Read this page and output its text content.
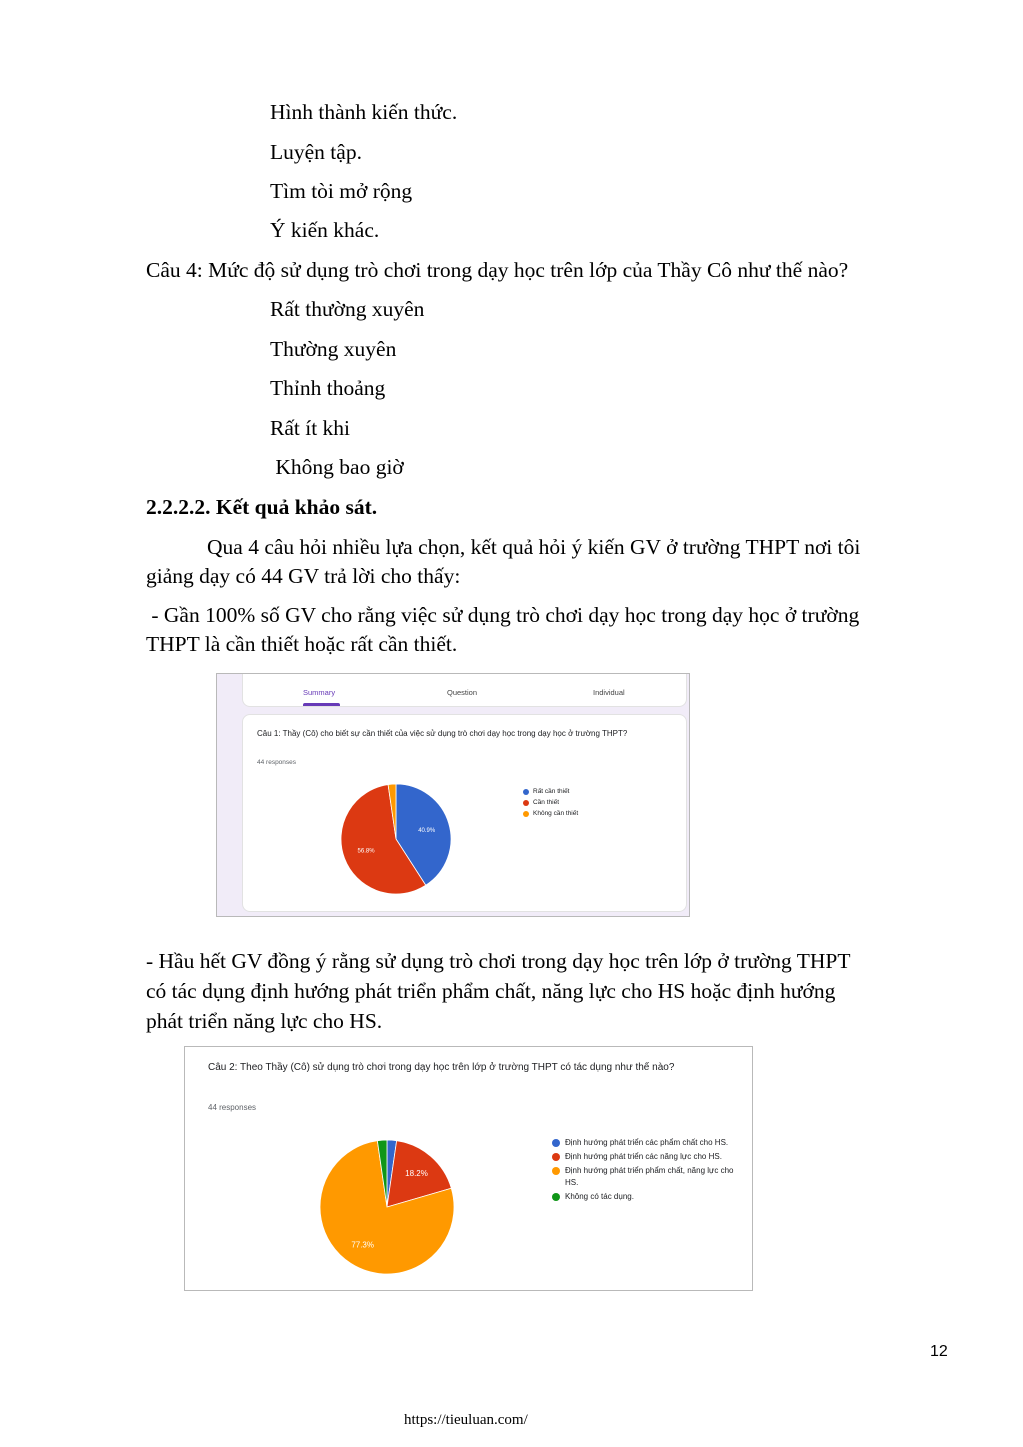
Hình thành kiến thức.
Luyện tập.
Tìm tòi mở rộng
Ý kiến khác.
Câu 4: Mức độ sử dụng trò chơi trong dạy học trên lớp của Thầy Cô như thế nào?
Rất thường xuyên
Thường xuyên
Thỉnh thoảng
Rất ít khi
Không bao giờ
2.2.2.2. Kết quả khảo sát.
Qua 4 câu hỏi nhiều lựa chọn, kết quả hỏi ý kiến GV ở trường THPT nơi tôi
giảng dạy có 44 GV trả lời cho thấy:
- Gần 100% số GV cho rằng việc sử dụng trò chơi dạy học trong dạy học ở trường
THPT là cần thiết hoặc rất cần thiết.
Summary	Question	Individual
Câu 1: Thầy (Cô) cho biết sự cần thiết của việc sử dụng trò chơi dạy học trong dạy học ở trường THPT?
44 responses
40.9%
56.8%
Rất cần thiết
Cần thiết
Không cần thiết
- Hầu hết GV đồng ý rằng sử dụng trò chơi trong dạy học trên lớp ở trường THPT
có tác dụng định hướng phát triển phẩm chất, năng lực cho HS hoặc định hướng
phát triển năng lực cho HS.
Câu 2: Theo Thầy (Cô) sử dụng trò chơi trong dạy học trên lớp ở trường THPT có tác dụng như thế nào?
44 responses
18.2%
77.3%
Định hướng phát triển các phẩm chất cho HS.
Định hướng phát triển các năng lực cho HS.
Định hướng phát triển phẩm chất, năng lực cho HS.
Không có tác dụng.
12
https://tieuluan.com/
